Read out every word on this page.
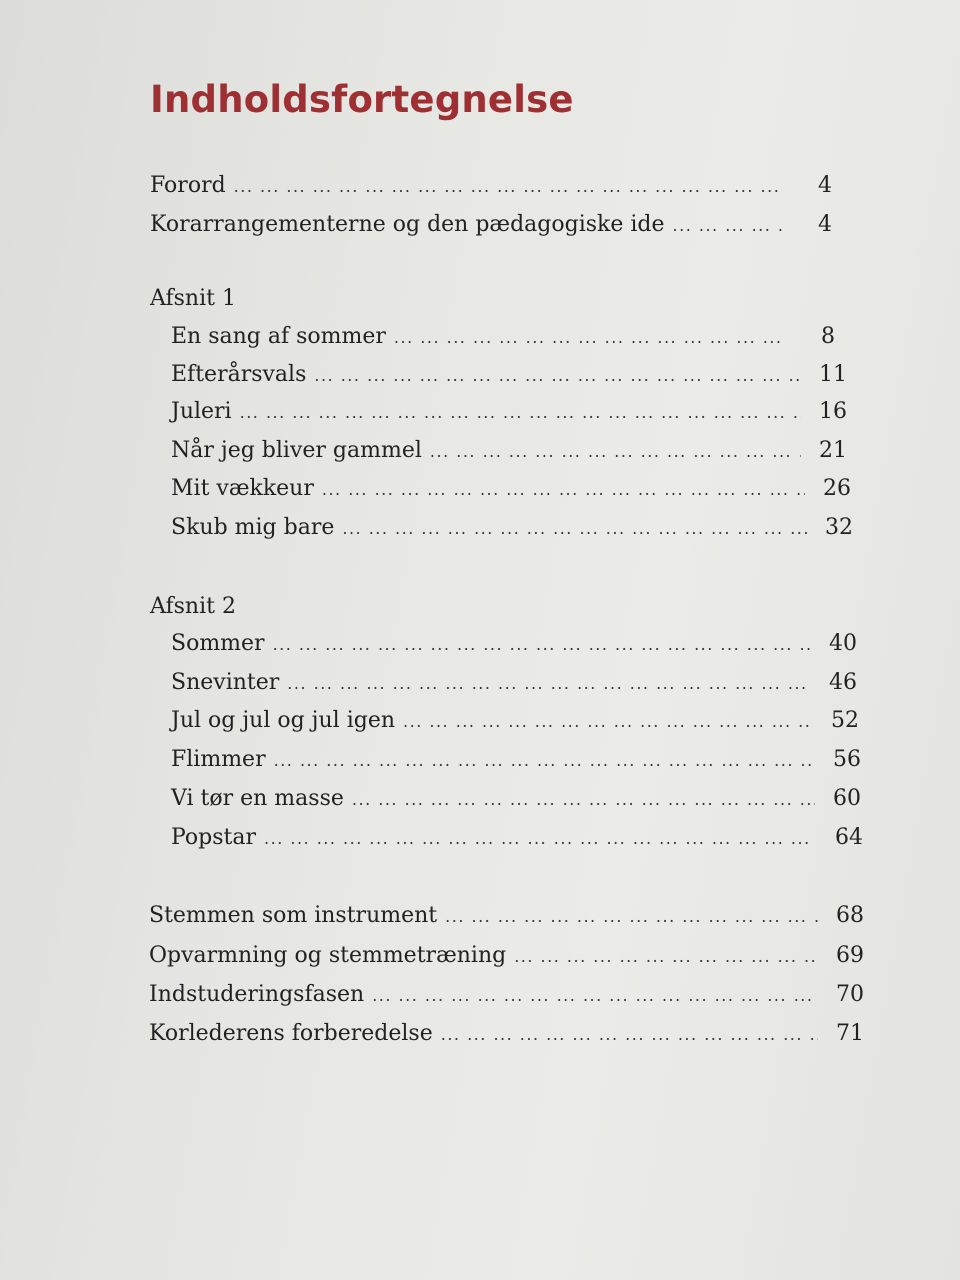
Indholdsfortegnelse
Forord ... .	4
Korarrangementerne og den pædagogiske ide ... .	4
Afsnit 1
En sang af sommer ... .	8
Efterårsvals ... .	11
Juleri ... .	16
Når jeg bliver gammel ... .	21
Mit vækkeur ... .	26
Skub mig bare ... .	32
Afsnit 2
Sommer ... .	40
Snevinter ... .	46
Jul og jul og jul igen ... .	52
Flimmer ... .	56
Vi tør en masse ... .	60
Popstar ... .	64
Stemmen som instrument ... .	68
Opvarmning og stemmetræning ... .	69
Indstuderingsfasen ... .	70
Korlederens forberedelse ... .	71
